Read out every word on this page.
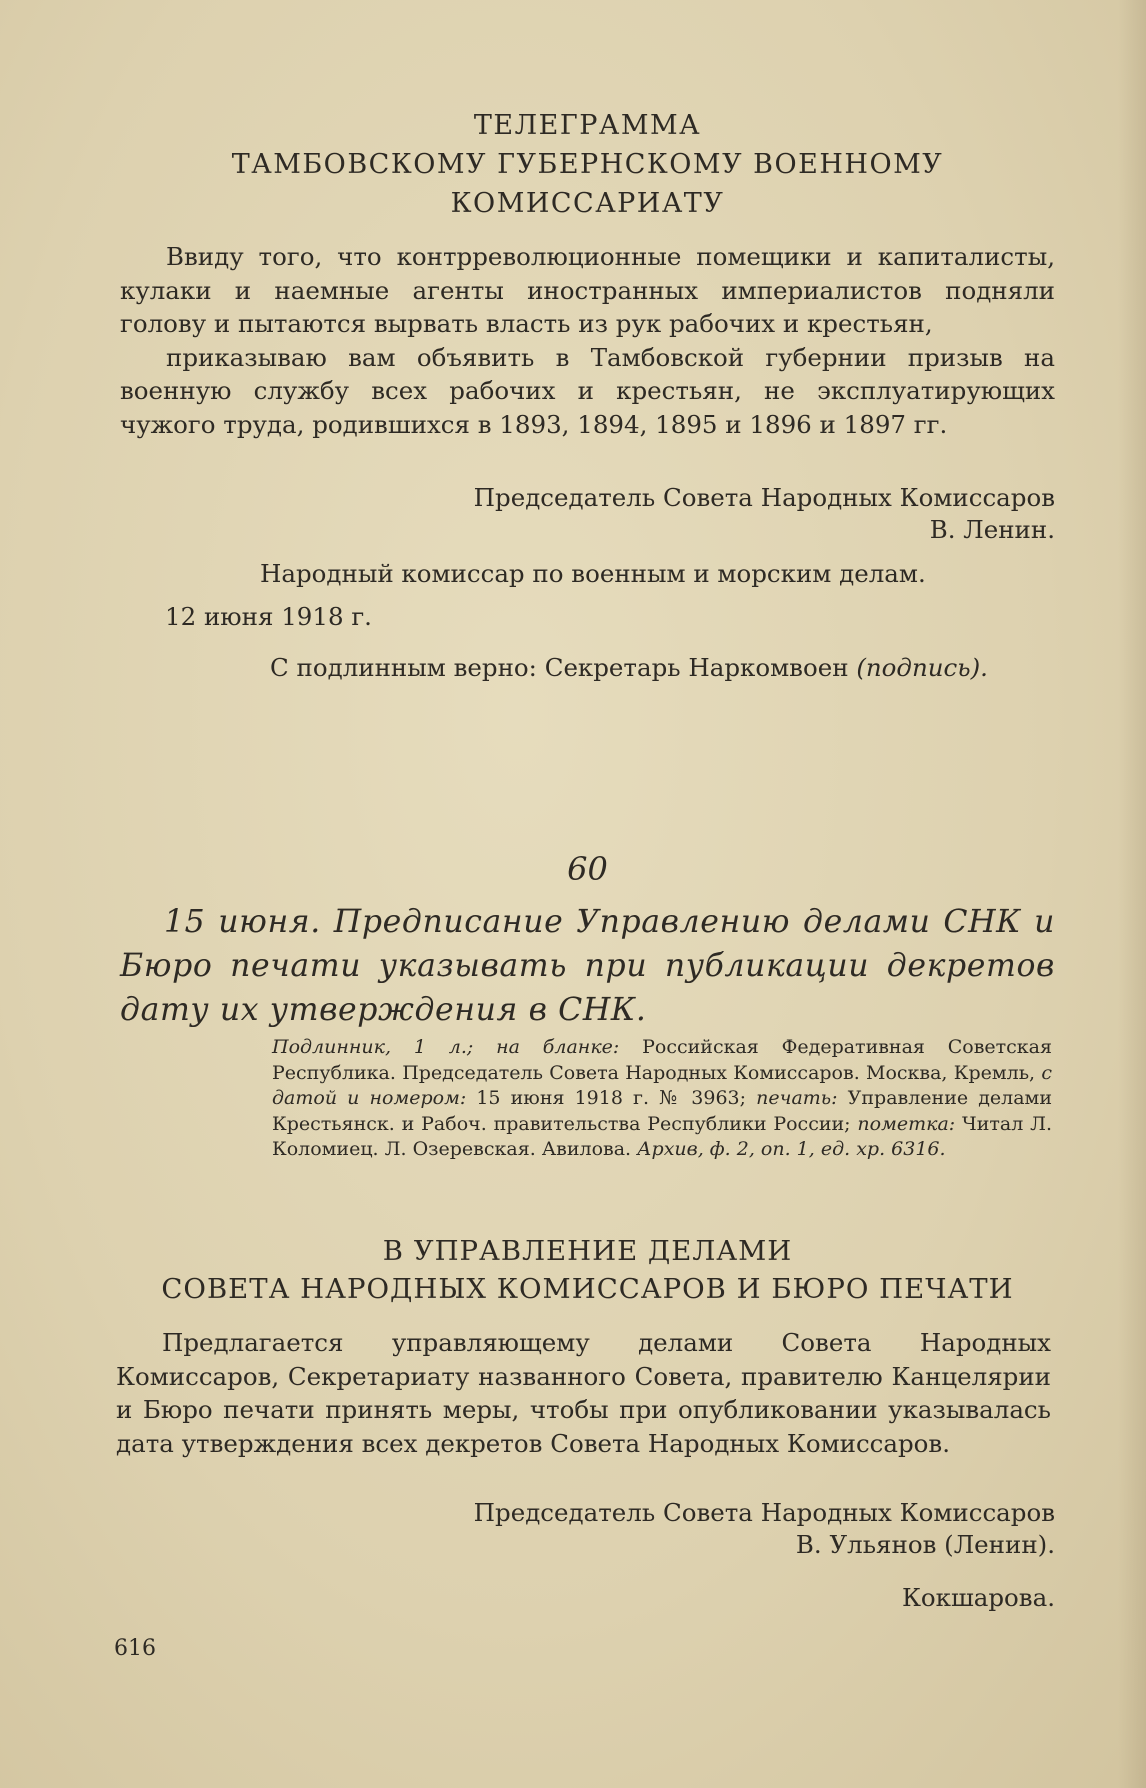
ТЕЛЕГРАММА
ТАМБОВСКОМУ ГУБЕРНСКОМУ ВОЕННОМУ
КОМИССАРИАТУ

Ввиду того, что контрреволюционные помещики и капиталисты, кулаки и наемные агенты иностранных империалистов подняли голову и пытаются вырвать власть из рук рабочих и крестьян,

приказываю вам объявить в Тамбовской губернии призыв на военную службу всех рабочих и крестьян, не эксплуатирующих чужого труда, родившихся в 1893, 1894, 1895 и 1896 и 1897 гг.

Председатель Совета Народных Комиссаров
В. Ленин.
Народный комиссар по военным и морским делам.
12 июня 1918 г.
С подлинным верно: Секретарь Наркомвоен (подпись).
60

15 июня. Предписание Управлению делами СНК и Бюро печати указывать при публикации декретов дату их утверждения в СНК.

Подлинник, 1 л.; на бланке: Российская Федеративная Советская Республика. Председатель Совета Народных Комиссаров. Москва, Кремль, с датой и номером: 15 июня 1918 г. № 3963; печать: Управление делами Крестьянск. и Рабоч. правительства Республики России; пометка: Читал Л. Коломиец. Л. Озеревская. Авилова. Архив, ф. 2, оп. 1, ед. хр. 6316.

В УПРАВЛЕНИЕ ДЕЛАМИ
СОВЕТА НАРОДНЫХ КОМИССАРОВ И БЮРО ПЕЧАТИ

Предлагается управляющему делами Совета Народных Комиссаров, Секретариату названного Совета, правителю Канцелярии и Бюро печати принять меры, чтобы при опубликовании указывалась дата утверждения всех декретов Совета Народных Комиссаров.

Председатель Совета Народных Комиссаров
В. Ульянов (Ленин).
Кокшарова.
616
